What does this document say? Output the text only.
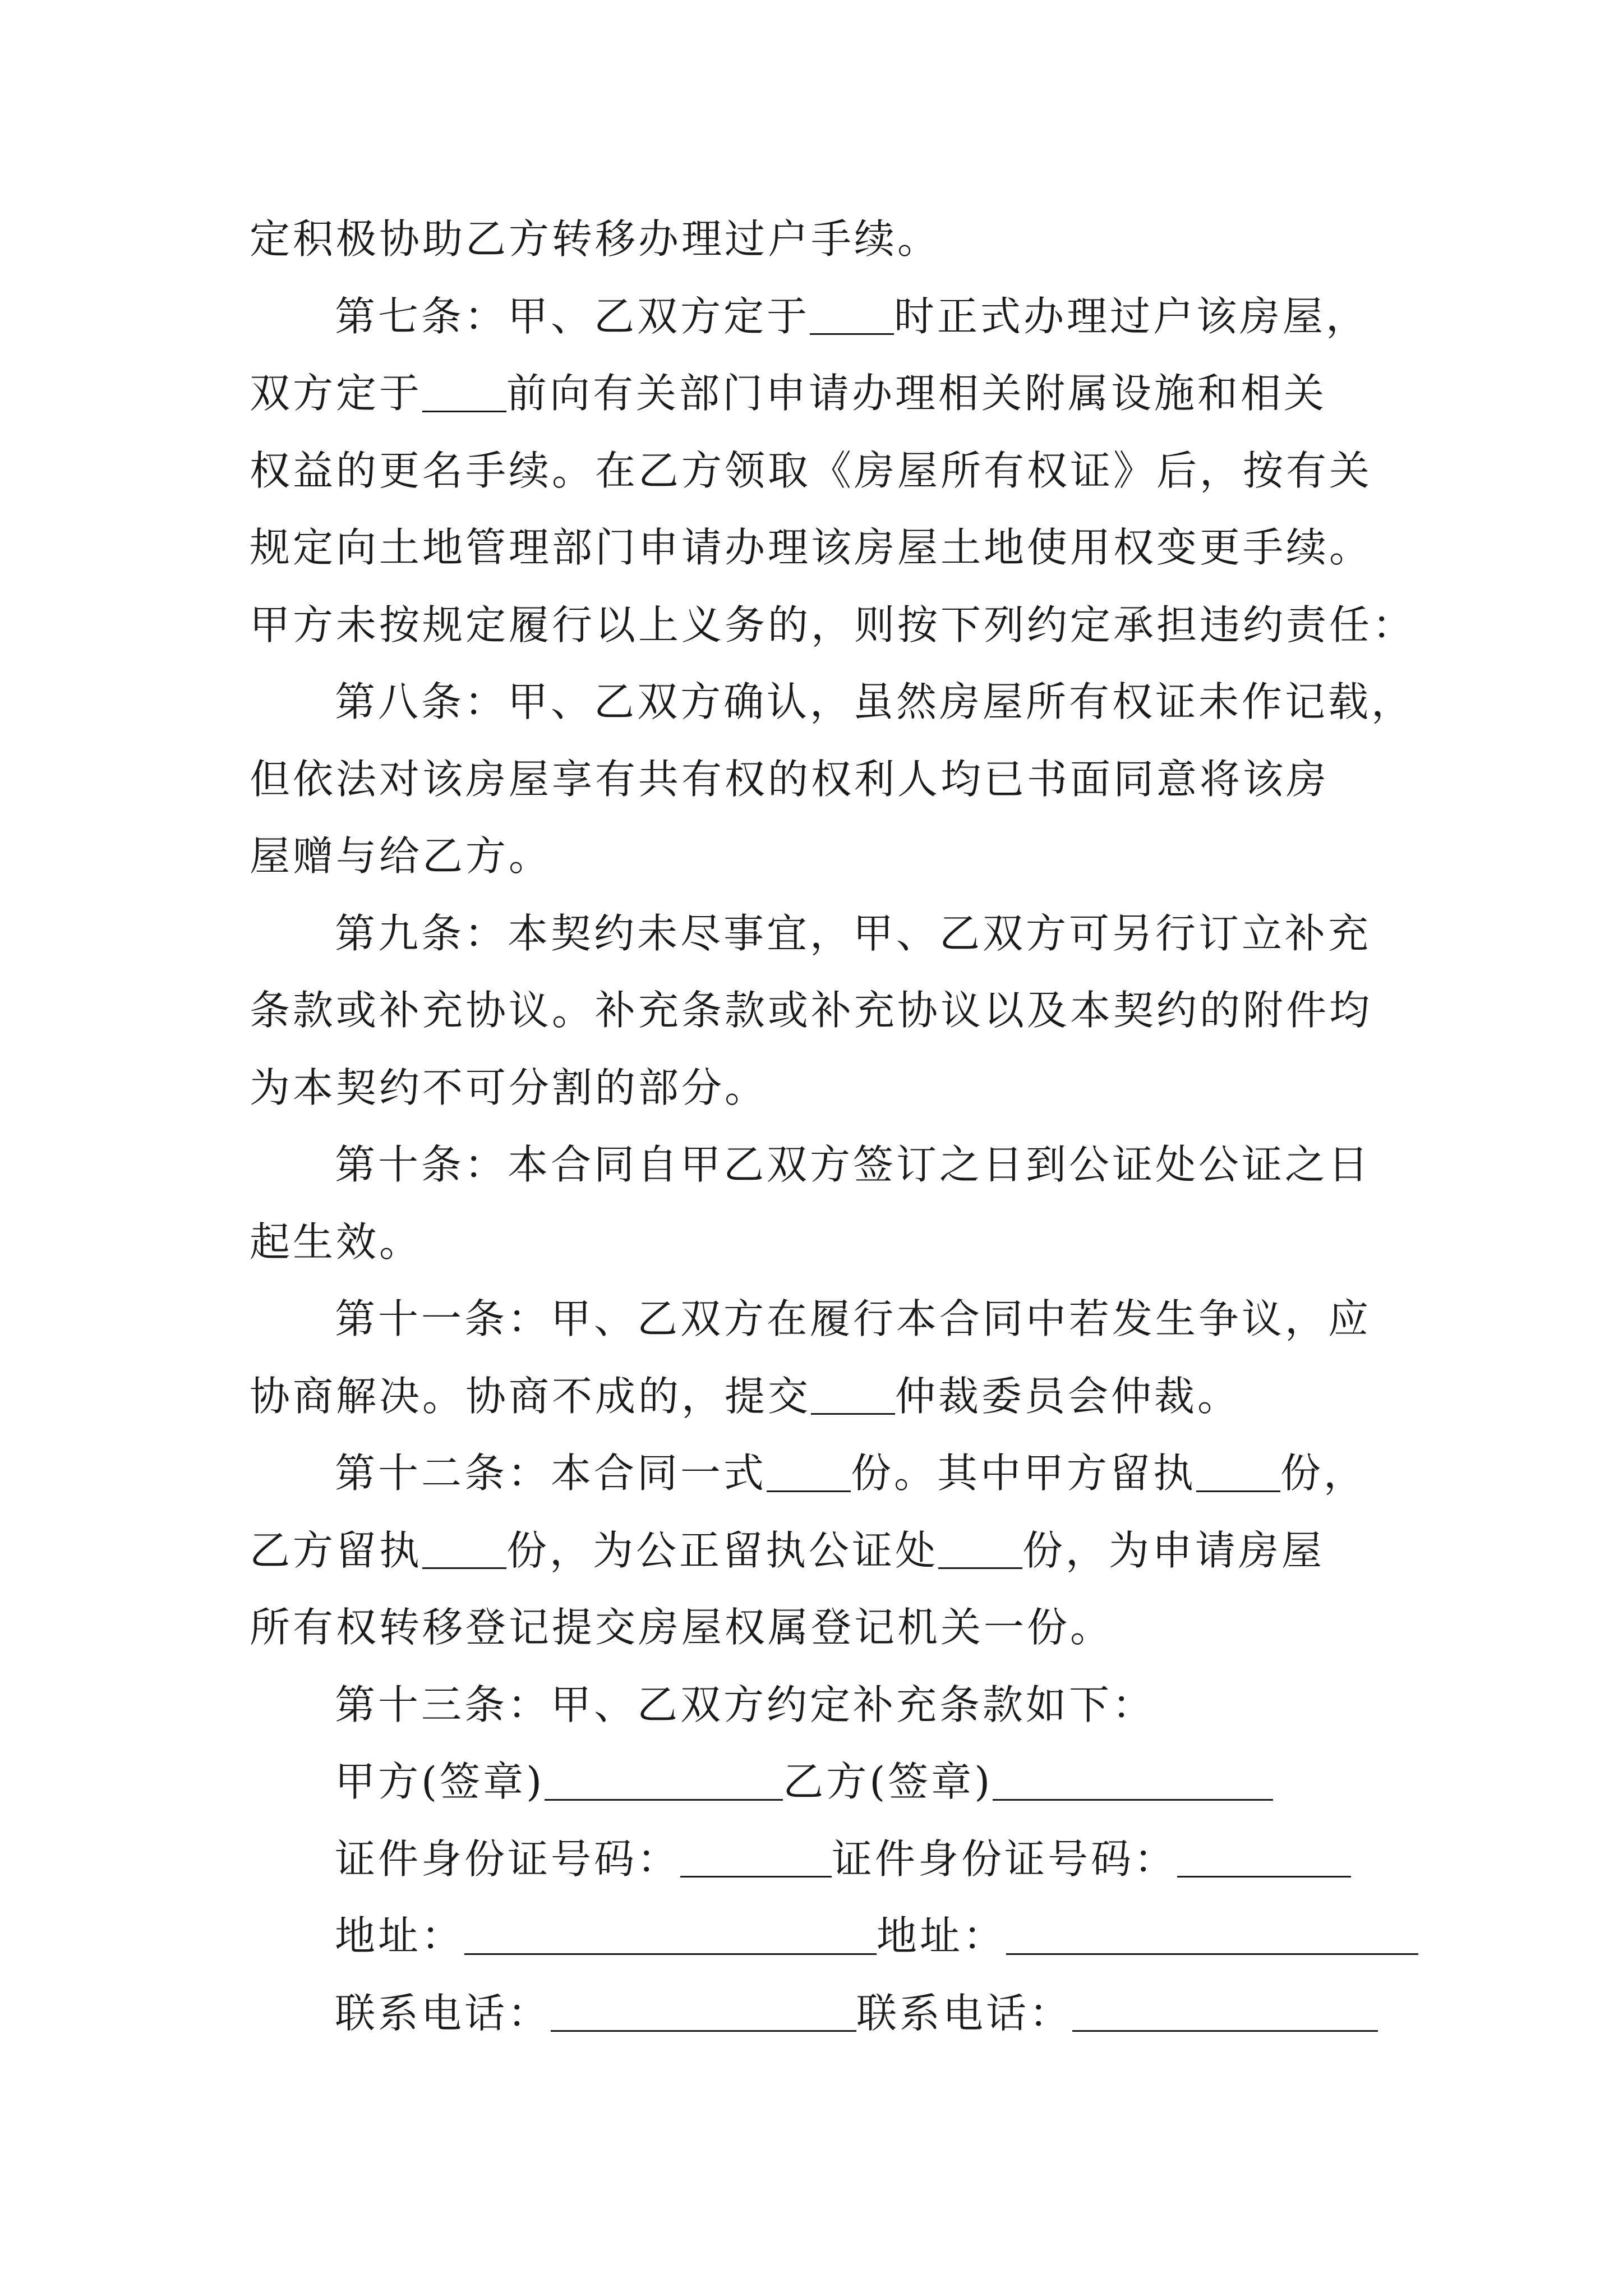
定积极协助乙方转移办理过户手续。
第七条：甲、乙双方定于 时正式办理过户该房屋，
双方定于 前向有关部门申请办理相关附属设施和相关
权益的更名手续。在乙方领取《房屋所有权证》后，按有关
规定向土地管理部门申请办理该房屋土地使用权变更手续。
甲方未按规定履行以上义务的，则按下列约定承担违约责任：
第八条：甲、乙双方确认，虽然房屋所有权证未作记载，
但依法对该房屋享有共有权的权利人均已书面同意将该房
屋赠与给乙方。
第九条：本契约未尽事宜，甲、乙双方可另行订立补充
条款或补充协议。补充条款或补充协议以及本契约的附件均
为本契约不可分割的部分。
第十条：本合同自甲乙双方签订之日到公证处公证之日
起生效。
第十一条：甲、乙双方在履行本合同中若发生争议，应
协商解决。协商不成的，提交 仲裁委员会仲裁。
第十二条：本合同一式 份。其中甲方留执 份，
乙方留执 份，为公正留执公证处 份，为申请房屋
所有权转移登记提交房屋权属登记机关一份。
第十三条：甲、乙双方约定补充条款如下：
甲方(签章)	乙方(签章)
证件身份证号码：	证件身份证号码：
地址：	地址：
联系电话：	联系电话：
